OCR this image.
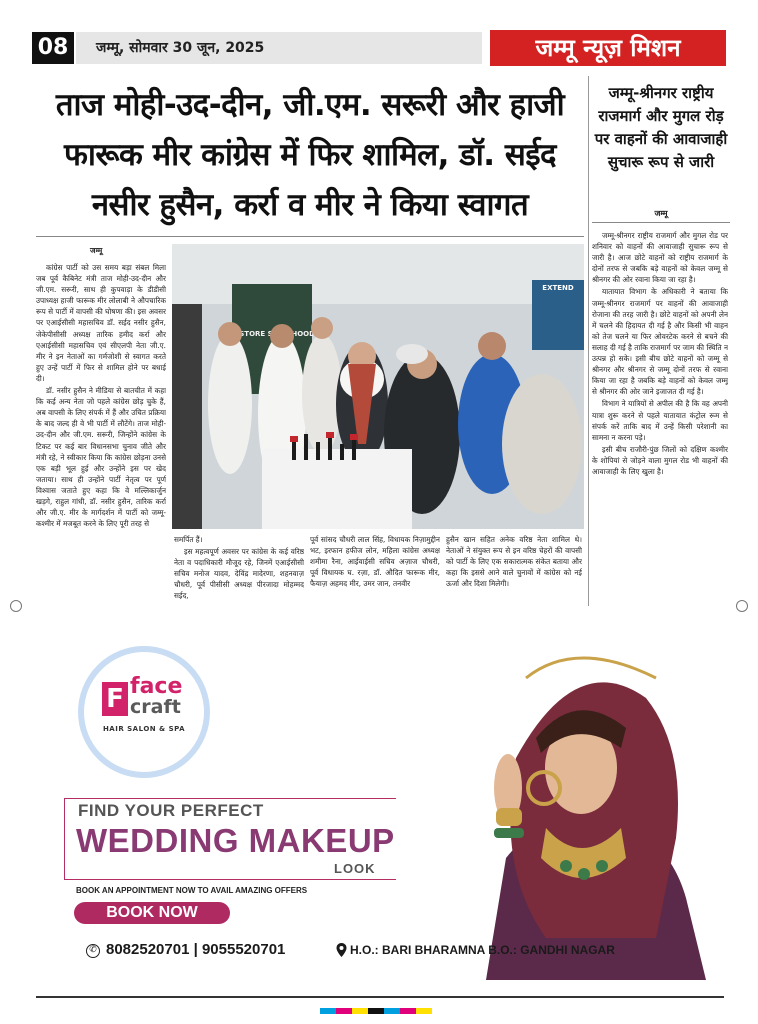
08	जम्मू, सोमवार 30 जून, 2025	जम्मू न्यूज़ मिशन
ताज मोही-उद-दीन, जी.एम. सरूरी और हाजी फारूक मीर कांग्रेस में फिर शामिल, डॉ. सईद नसीर हुसैन, कर्रा व मीर ने किया स्वागत
जम्मू-श्रीनगर राष्ट्रीय राजमार्ग और मुगल रोड़ पर वाहनों की आवाजाही सुचारू रूप से जारी
जम्मू

जम्मू-श्रीनगर राष्ट्रीय राजमार्ग और मुगल रोड पर शनिवार को वाहनों की आवाजाही सुचारू रूप से जारी है। आज छोटे वाहनों को राष्ट्रीय राजमार्ग के दोनों तरफ से जबकि बड़े वाहनों को केवल जम्मू से श्रीनगर की ओर रवाना किया जा रहा है।

यातायात विभाग के अधिकारी ने बताया कि जम्मू-श्रीनगर राजमार्ग पर वाहनों की आवाजाही रोजाना की तरह जारी है। छोटे वाहनों को अपनी लेन में चलने की हिदायत दी गई है और किसी भी वाहन को तेज चलने या फिर ओवरटेक करने से बचने की सलाह दी गई है ताकि राजमार्ग पर जाम की स्थिति न उत्पन्न हो सके। इसी बीच छोटे वाहनों को जम्मू से श्रीनगर और श्रीनगर से जम्मू दोनों तरफ से रवाना किया जा रहा है जबकि बड़े वाहनों को केवल जम्मू से श्रीनगर की ओर जाने इजाजत दी गई है।

विभाग ने यात्रियों से अपील की है कि वह अपनी यात्रा शुरू करने से पहले यातायात कंट्रोल रूम से संपर्क करें ताकि बाद में उन्हें किसी परेशानी का सामना न करना पड़े।

इसी बीच राजौरी-पुंछ जिलों को दक्षिण कश्मीर के शोपियां से जोड़ने वाला मुगल रोड भी वाहनों की आवाजाही के लिए खुला है।

जम्मू

कांग्रेस पार्टी को उस समय बड़ा संबल मिला जब पूर्व कैबिनेट मंत्री ताज मोही-उद-दीन और जी.एम. सरूरी, साथ ही कुपवाड़ा के डीडीसी उपाध्यक्ष हाजी फारूक मीर लोलाबी ने औपचारिक रूप से पार्टी में वापसी की घोषणा की। इस अवसर पर एआईसीसी महासचिव डॉ. सईद नसीर हुसैन, जेकेपीसीसी अध्यक्ष तारिक हमीद कर्रा और एआईसीसी महासचिव एवं सीएलपी नेता जी.ए. मीर ने इन नेताओं का गर्मजोशी से स्वागत करते हुए उन्हें पार्टी में फिर से शामिल होने पर बधाई दी।

डॉ. नसीर हुसैन ने मीडिया से बातचीत में कहा कि कई अन्य नेता जो पहले कांग्रेस छोड़ चुके हैं, अब वापसी के लिए संपर्क में हैं और उचित प्रक्रिया के बाद जल्द ही वे भी पार्टी में लौटेंगे। ताज मोही-उद-दीन और जी.एम. सरूरी, जिन्होंने कांग्रेस के टिकट पर कई बार विधानसभा चुनाव जीते और मंत्री रहे, ने स्वीकार किया कि कांग्रेस छोड़ना उनसे एक बड़ी भूल हुई और उन्होंने इस पर खेद जताया। साथ ही उन्होंने पार्टी नेतृत्व पर पूर्ण विश्वास जताते हुए कहा कि वे मल्लिकार्जुन खड़गे, राहुल गांधी, डॉ. नसीर हुसैन, तारिक कर्रा और जी.ए. मीर के मार्गदर्शन में पार्टी को जम्मू-कश्मीर में मजबूत करने के लिए पूरी तरह से

समर्पित हैं।

इस महत्वपूर्ण अवसर पर कांग्रेस के कई वरिष्ठ नेता व पदाधिकारी मौजूद रहे, जिनमें एआईसीसी सचिव मनोज यादव, देविंद्र मादेरणा, शहनवाज़ चौधरी, पूर्व पीसीसी अध्यक्ष पीरजादा मोहम्मद सईद,

पूर्व सांसद चौधरी लाल सिंह, विधायक निज़ामुद्दीन भट, इरफान हफीज लोन, महिला कांग्रेस अध्यक्ष शमीमा रैना, आईवाईसी सचिव अज़ाज चौधरी, पूर्व विधायक घ. रज़ा, डॉ. औदित फारूक मीर, फैयाज़ अहमद मीर, उमर जान, तनवीर

हुसैन खान सहित अनेक वरिष्ठ नेता शामिल थे। नेताओं ने संयुक्त रूप से इन वरिष्ठ चेहरों की वापसी को पार्टी के लिए एक सकारात्मक संकेत बताया और कहा कि इससे आने वाले चुनावों में कांग्रेस को नई ऊर्जा और दिशा मिलेगी।

RESTORE
EXTEND
F face
craft
HAIR SALON & SPA
FIND YOUR PERFECT
WEDDING MAKEUP
LOOK
BOOK AN APPOINTMENT NOW TO AVAIL AMAZING OFFERS
BOOK NOW
✆ 8082520701 | 9055520701	H.O.: BARI BHARAMNA B.O.: GANDHI NAGAR
